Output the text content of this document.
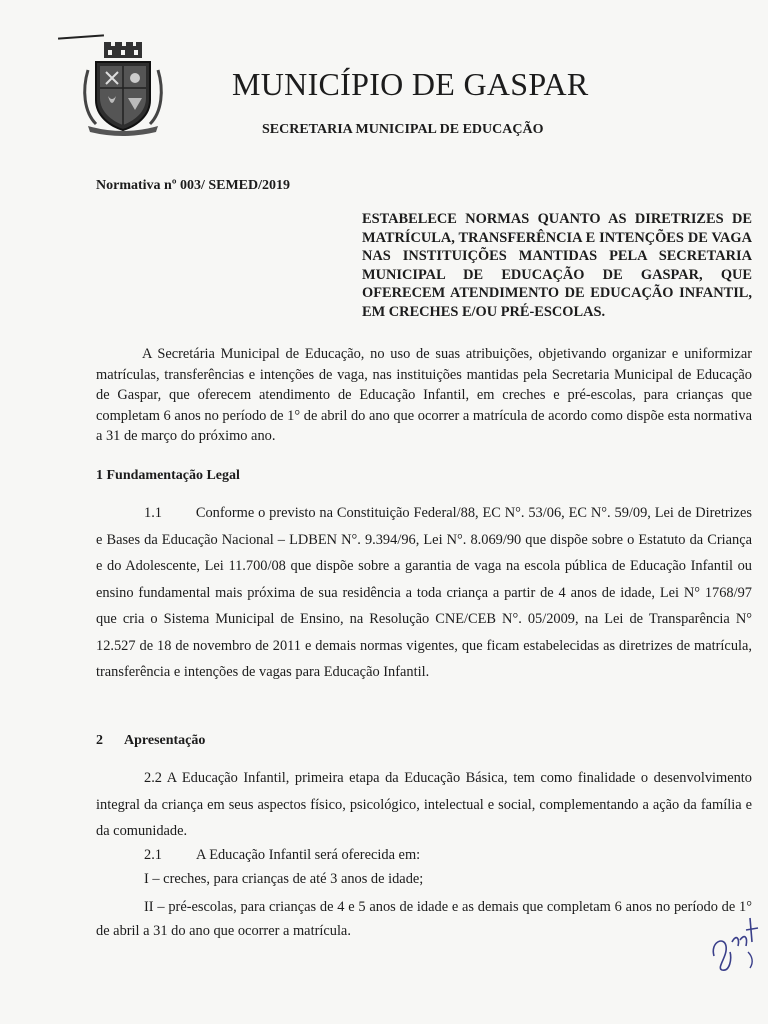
MUNICÍPIO DE GASPAR
SECRETARIA MUNICIPAL DE EDUCAÇÃO
Normativa nº 003/ SEMED/2019
ESTABELECE NORMAS QUANTO AS DIRETRIZES DE MATRÍCULA, TRANSFERÊNCIA E INTENÇÕES DE VAGA NAS INSTITUIÇÕES MANTIDAS PELA SECRETARIA MUNICIPAL DE EDUCAÇÃO DE GASPAR, QUE OFERECEM ATENDIMENTO DE EDUCAÇÃO INFANTIL, EM CRECHES E/OU PRÉ-ESCOLAS.
A Secretária Municipal de Educação, no uso de suas atribuições, objetivando organizar e uniformizar matrículas, transferências e intenções de vaga, nas instituições mantidas pela Secretaria Municipal de Educação de Gaspar, que oferecem atendimento de Educação Infantil, em creches e pré-escolas, para crianças que completam 6 anos no período de 1° de abril do ano que ocorrer a matrícula de acordo como dispõe esta normativa a 31 de março do próximo ano.
1 Fundamentação Legal
1.1 Conforme o previsto na Constituição Federal/88, EC N°. 53/06, EC N°. 59/09, Lei de Diretrizes e Bases da Educação Nacional – LDBEN N°. 9.394/96, Lei N°. 8.069/90 que dispõe sobre o Estatuto da Criança e do Adolescente, Lei 11.700/08 que dispõe sobre a garantia de vaga na escola pública de Educação Infantil ou ensino fundamental mais próxima de sua residência a toda criança a partir de 4 anos de idade, Lei N° 1768/97 que cria o Sistema Municipal de Ensino, na Resolução CNE/CEB N°. 05/2009, na Lei de Transparência N° 12.527 de 18 de novembro de 2011 e demais normas vigentes, que ficam estabelecidas as diretrizes de matrícula, transferência e intenções de vagas para Educação Infantil.
2 Apresentação
2.2 A Educação Infantil, primeira etapa da Educação Básica, tem como finalidade o desenvolvimento integral da criança em seus aspectos físico, psicológico, intelectual e social, complementando a ação da família e da comunidade.
2.1 A Educação Infantil será oferecida em:
I – creches, para crianças de até 3 anos de idade;
II – pré-escolas, para crianças de 4 e 5 anos de idade e as demais que completam 6 anos no período de 1° de abril a 31 do ano que ocorrer a matrícula.
